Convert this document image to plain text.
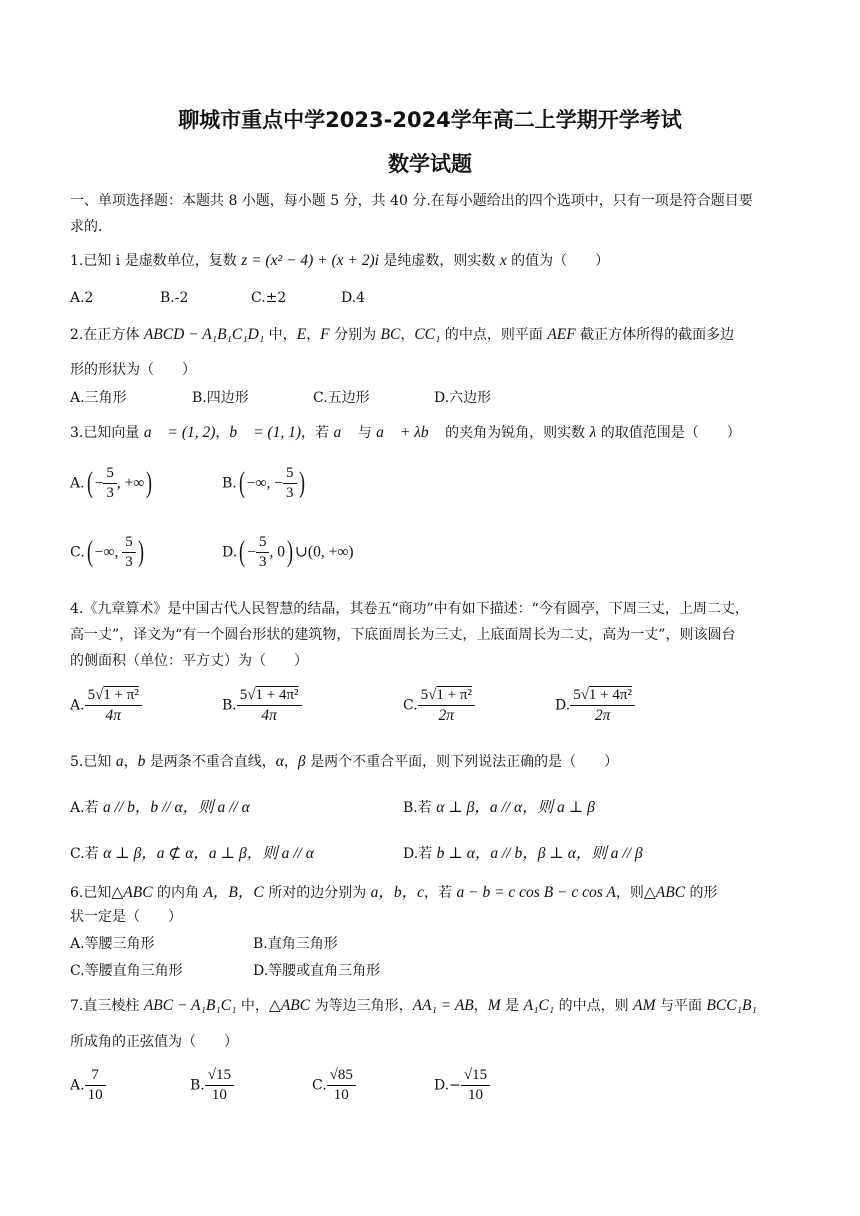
聊城市重点中学2023-2024学年高二上学期开学考试
数学试题
一、单项选择题：本题共 8 小题，每小题 5 分，共 40 分.在每小题给出的四个选项中，只有一项是符合题目要
求的.
1.已知 i 是虚数单位，复数 z = (x² − 4) + (x + 2)i 是纯虚数，则实数 x 的值为（　　）
A.2	B.-2	C.±2	D.4
2.在正方体 ABCD − A₁B₁C₁D₁ 中，E，F 分别为 BC，CC₁ 的中点，则平面 AEF 截正方体所得的截面多边
形的形状为（　　）
A.三角形	B.四边形	C.五边形	D.六边形
3.已知向量 a⃗ = (1, 2)，b⃗ = (1, 1)，若 a⃗ 与 a⃗ + λb⃗ 的夹角为锐角，则实数 λ 的取值范围是（　　）
$A.( - \frac{5}{3}$ , +∞)	B.( −∞, − $\frac{5}{3}$ )
C.( −∞, $\frac{5}{3}$ )	$D.( - \frac{5}{3}$ , 0) ∪(0, +∞)
4.《九章算术》是中国古代人民智慧的结晶，其卷五“商功”中有如下描述：“今有圆亭，下周三丈，上周二丈，
高一丈”，译文为“有一个圆台形状的建筑物，下底面周长为三丈，上底面周长为二丈，高为一丈”，则该圆台
的侧面积（单位：平方丈）为（　　）
A. $\frac{\text{5√1 + π²}}{4\pi}$	B. $\frac{\text{5√1 + 4π²}}{4\pi}$	C. $\frac{\text{5√1 + π²}}{2\pi}$	D. $\frac{\text{5√1 + 4π²}}{2\pi}$
5.已知 a，b 是两条不重合直线，α，β 是两个不重合平面，则下列说法正确的是（　　）
A.若 a // b，b // α，则 a // α	B.若 α ⊥ β，a // α，则 a ⊥ β
C.若 α ⊥ β，a ⊄ α，a ⊥ β，则 a // α	D.若 b ⊥ α，a // b，β ⊥ α，则 a // β
6.已知△ABC 的内角 A，B，C 所对的边分别为 a，b，c，若 a − b = c cos B − c cos A，则△ABC 的形
状一定是（　　）
A.等腰三角形	B.直角三角形
C.等腰直角三角形	D.等腰或直角三角形
7.直三棱柱 ABC − A₁B₁C₁ 中，△ABC 为等边三角形，AA₁ = AB，M 是 A₁C₁ 的中点，则 AM 与平面 BCC₁B₁
所成角的正弦值为（　　）
A. $\frac{7}{10}$	B. $\frac{√15}{10}$	C. $\frac{√85}{10}$	$D.- \frac{√15}{10}$
